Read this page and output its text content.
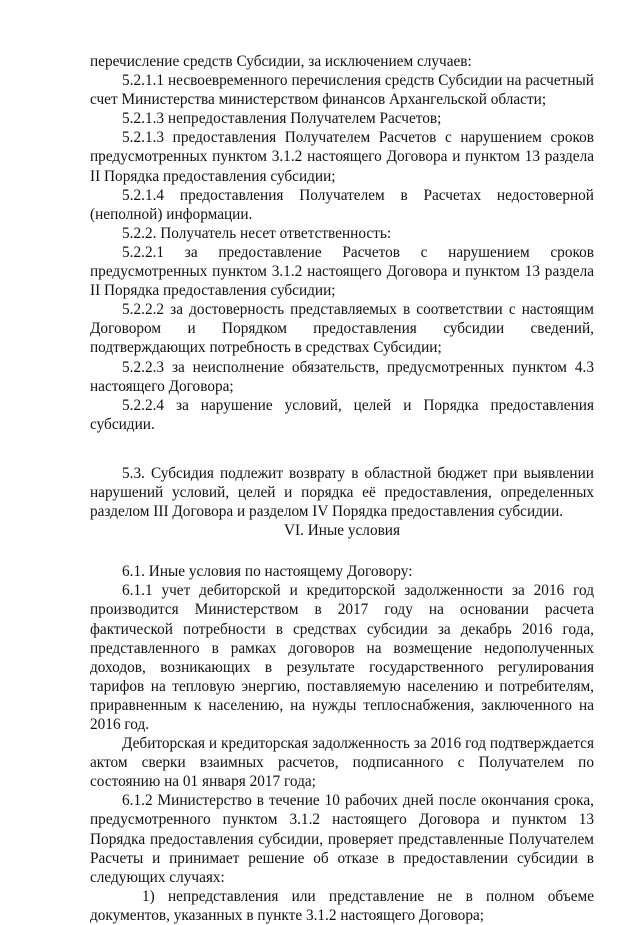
перечисление средств Субсидии, за исключением случаев:

5.2.1.1 несвоевременного перечисления средств Субсидии на расчетный счет Министерства министерством финансов Архангельской области;

5.2.1.3 непредоставления Получателем Расчетов;

5.2.1.3 предоставления Получателем Расчетов с нарушением сроков предусмотренных пунктом 3.1.2 настоящего Договора и пунктом 13 раздела II Порядка предоставления субсидии;

5.2.1.4 предоставления Получателем в Расчетах недостоверной (неполной) информации.

5.2.2. Получатель несет ответственность:

5.2.2.1 за предоставление Расчетов с нарушением сроков предусмотренных пунктом 3.1.2 настоящего Договора и пунктом 13 раздела II Порядка предоставления субсидии;

5.2.2.2 за достоверность представляемых в соответствии с настоящим Договором и Порядком предоставления субсидии сведений, подтверждающих потребность в средствах Субсидии;

5.2.2.3 за неисполнение обязательств, предусмотренных пунктом 4.3 настоящего Договора;

5.2.2.4 за нарушение условий, целей и Порядка предоставления субсидии.

5.3. Субсидия подлежит возврату в областной бюджет при выявлении нарушений условий, целей и порядка её предоставления, определенных разделом III Договора и разделом IV Порядка предоставления субсидии.

VI. Иные условия

6.1. Иные условия по настоящему Договору:

6.1.1 учет дебиторской и кредиторской задолженности за 2016 год производится Министерством в 2017 году на основании расчета фактической потребности в средствах субсидии за декабрь 2016 года, представленного в рамках договоров на возмещение недополученных доходов, возникающих в результате государственного регулирования тарифов на тепловую энергию, поставляемую населению и потребителям, приравненным к населению, на нужды теплоснабжения, заключенного на 2016 год.

Дебиторская и кредиторская задолженность за 2016 год подтверждается актом сверки взаимных расчетов, подписанного с Получателем по состоянию на 01 января 2017 года;

6.1.2 Министерство в течение 10 рабочих дней после окончания срока, предусмотренного пунктом 3.1.2 настоящего Договора и пунктом 13 Порядка предоставления субсидии, проверяет представленные Получателем Расчеты и принимает решение об отказе в предоставлении субсидии в следующих случаях:

1) непредставления или представление не в полном объеме документов, указанных в пункте 3.1.2 настоящего Договора;
